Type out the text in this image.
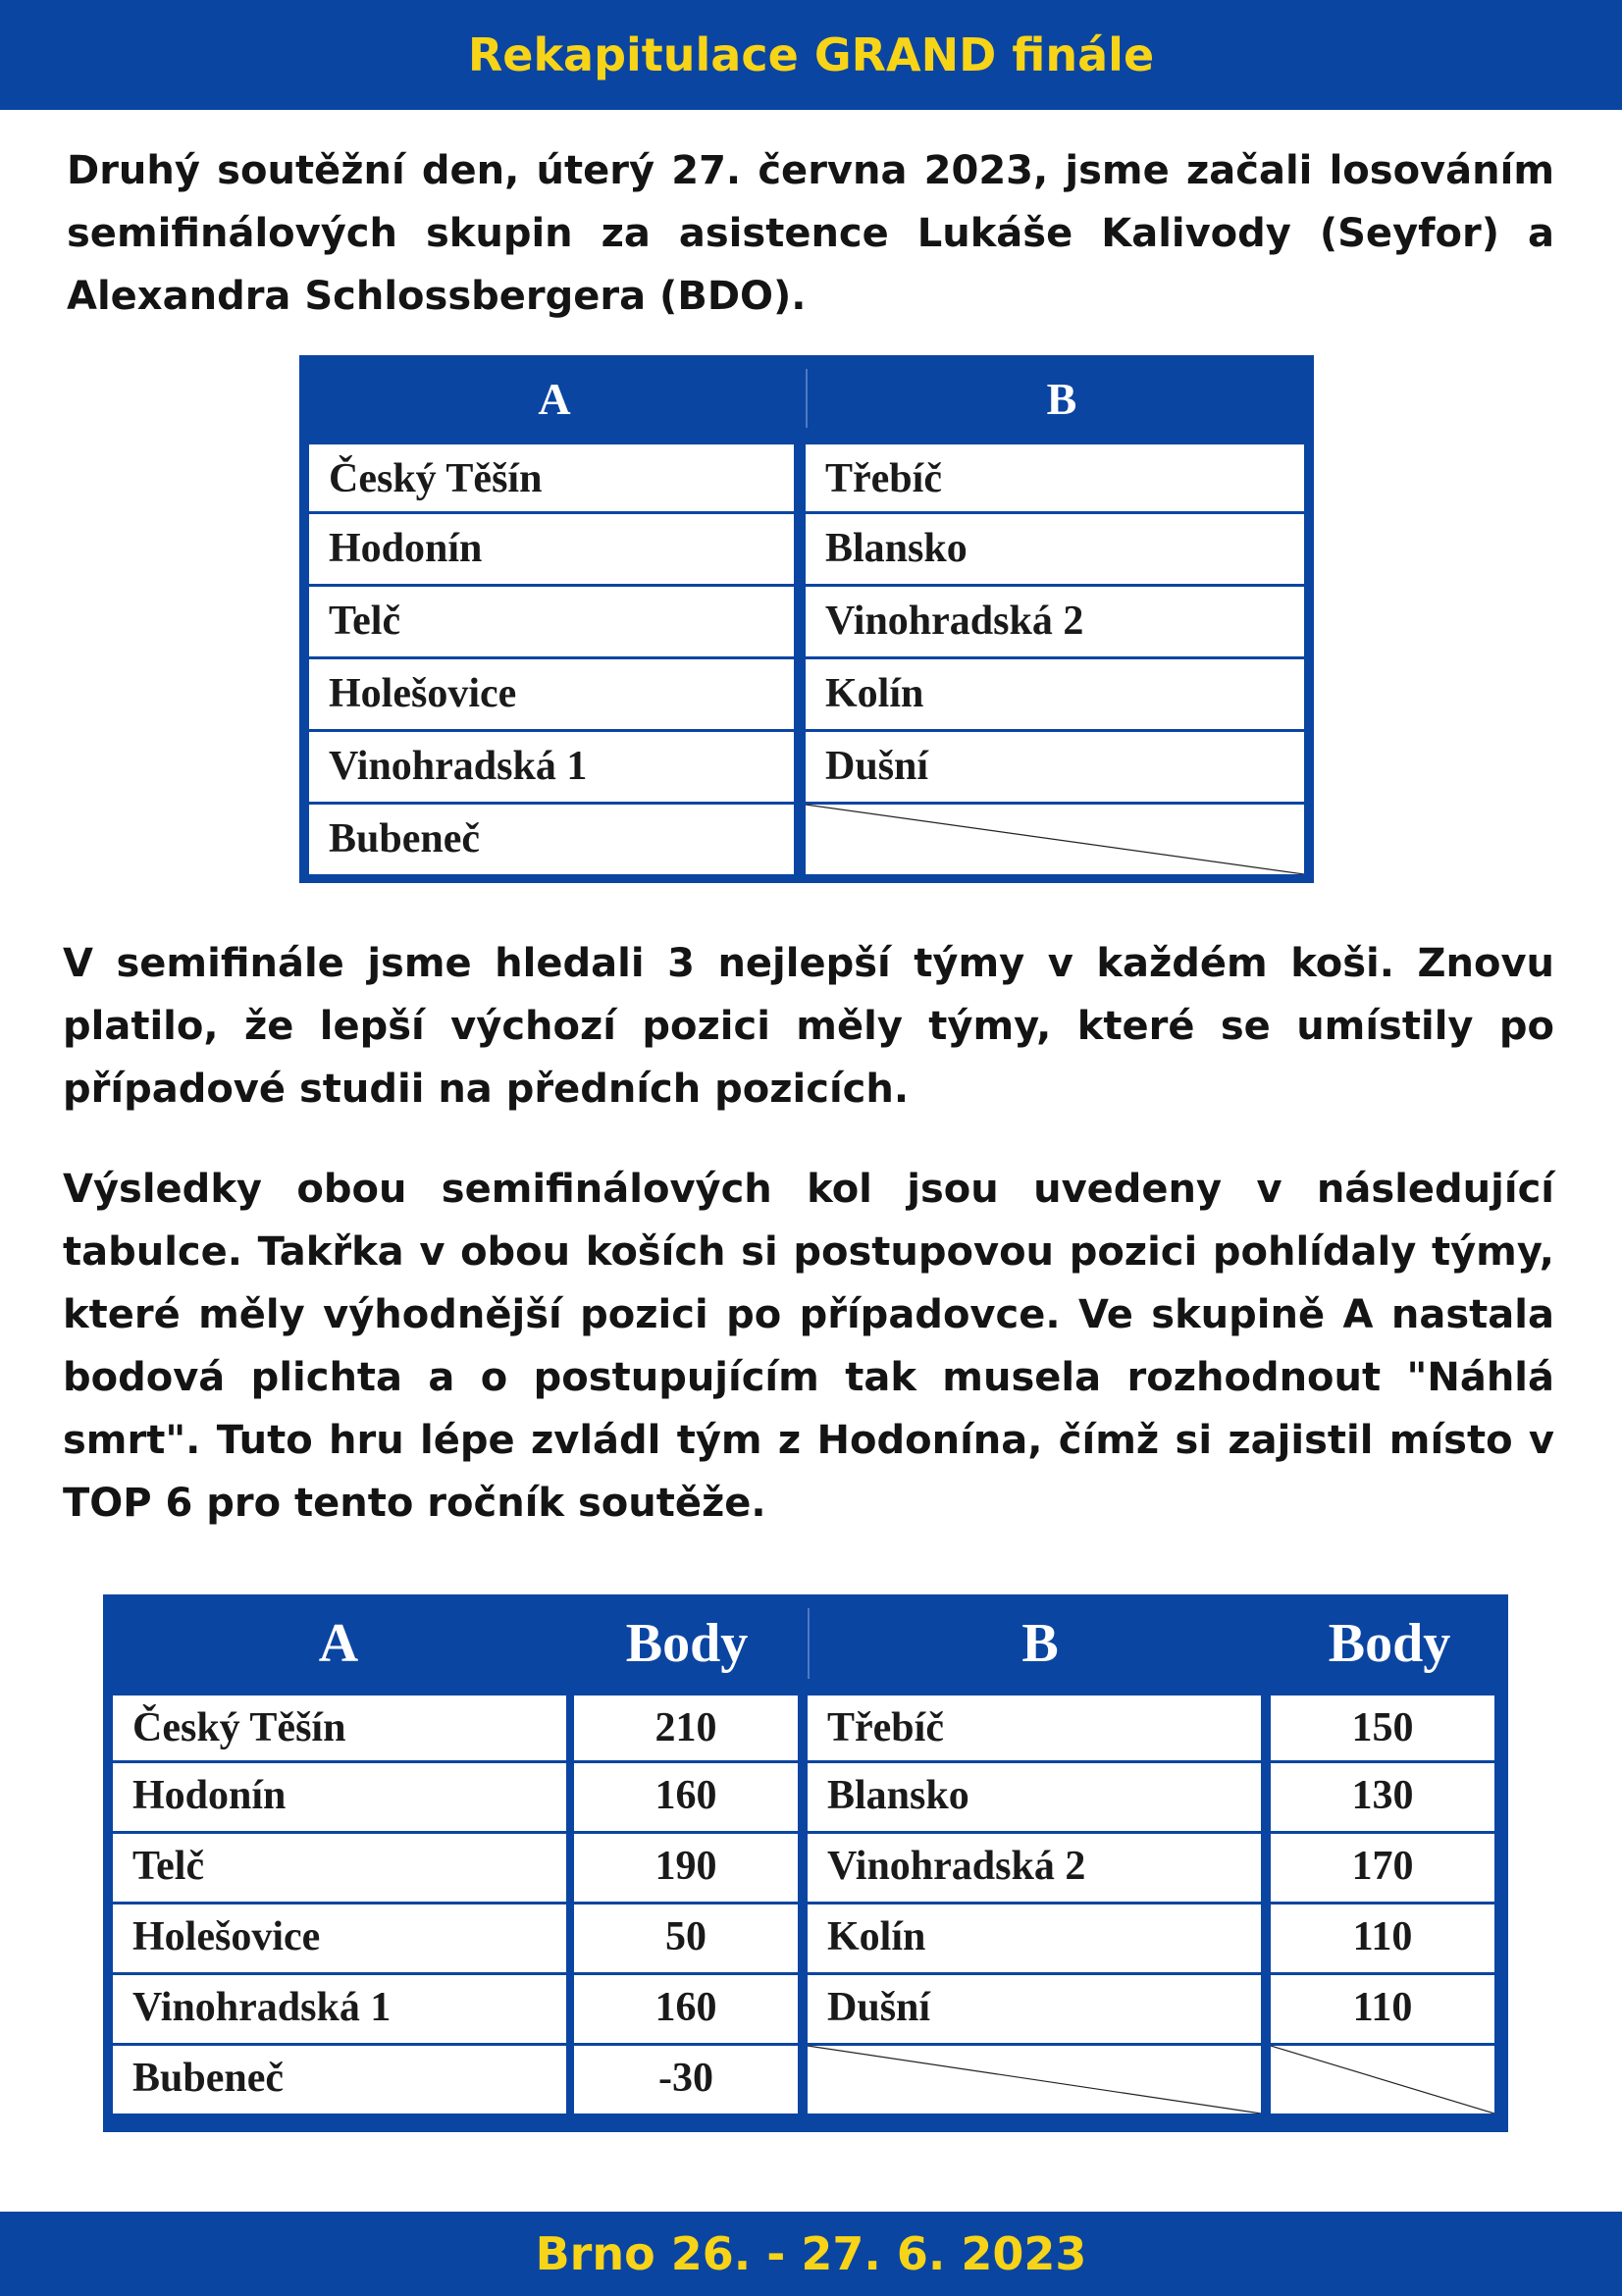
Rekapitulace GRAND finále

Druhý soutěžní den, úterý 27. června 2023, jsme začali losováním semifinálových skupin za asistence Lukáše Kalivody (Seyfor) a Alexandra Schlossbergera (BDO).

A	B
Český Těšín	Třebíč
Hodonín	Blansko
Telč	Vinohradská 2
Holešovice	Kolín
Vinohradská 1	Dušní
Bubeneč

V semifinále jsme hledali 3 nejlepší týmy v každém koši. Znovu platilo, že lepší výchozí pozici měly týmy, které se umístily po případové studii na předních pozicích.

Výsledky obou semifinálových kol jsou uvedeny v následující tabulce. Takřka v obou koších si postupovou pozici pohlídaly týmy, které měly výhodnější pozici po případovce. Ve skupině A nastala bodová plichta a o postupujícím tak musela rozhodnout "Náhlá smrt". Tuto hru lépe zvládl tým z Hodonína, čímž si zajistil místo v TOP 6 pro tento ročník soutěže.

A	Body	B	Body
Český Těšín	210	Třebíč	150
Hodonín	160	Blansko	130
Telč	190	Vinohradská 2	170
Holešovice	50	Kolín	110
Vinohradská 1	160	Dušní	110
Bubeneč	-30
Brno 26. - 27. 6. 2023
